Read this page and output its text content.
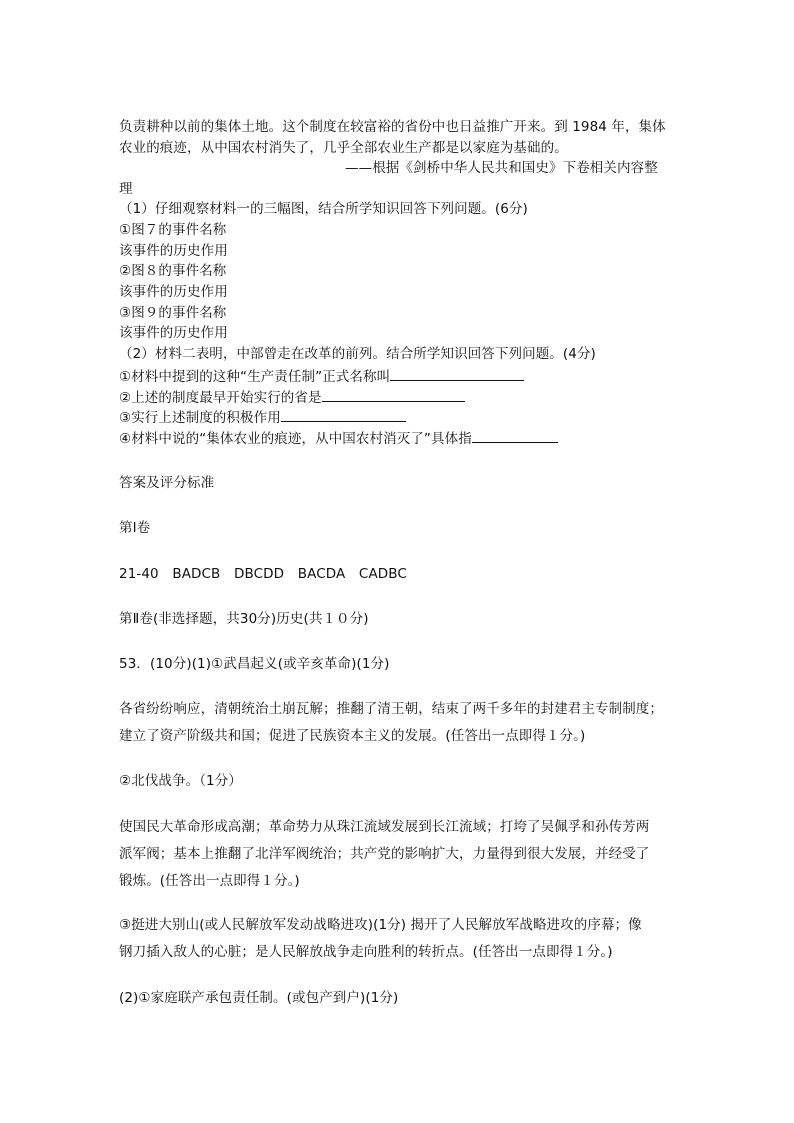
负责耕种以前的集体土地。这个制度在较富裕的省份中也日益推广开来。到 1984 年，集体
农业的痕迹，从中国农村消失了，几乎全部农业生产都是以家庭为基础的。
——根据《剑桥中华人民共和国史》下卷相关内容整
理
（1）仔细观察材料一的三幅图，结合所学知识回答下列问题。(6分)
①图７的事件名称
该事件的历史作用
②图８的事件名称
该事件的历史作用
③图９的事件名称
该事件的历史作用
（2）材料二表明，中部曾走在改革的前列。结合所学知识回答下列问题。(4分)
①材料中提到的这种“生产责任制”正式名称叫
②上述的制度最早开始实行的省是
③实行上述制度的积极作用
④材料中说的“集体农业的痕迹，从中国农村消灭了”具体指
答案及评分标准
第Ⅰ卷
21-40　BADCB　DBCDD　BACDA　CADBC
第Ⅱ卷(非选择题，共30分)历史(共１０分)
53．(10分)(1)①武昌起义(或辛亥革命)(1分)
各省纷纷响应，清朝统治土崩瓦解；推翻了清王朝，结束了两千多年的封建君主专制制度；
建立了资产阶级共和国；促进了民族资本主义的发展。(任答出一点即得１分。)
②北伐战争。（1分）
使国民大革命形成高潮；革命势力从珠江流域发展到长江流域；打垮了吴佩孚和孙传芳两
派军阀；基本上推翻了北洋军阀统治；共产党的影响扩大，力量得到很大发展，并经受了
锻炼。(任答出一点即得１分。)
③挺进大别山(或人民解放军发动战略进攻)(1分) 揭开了人民解放军战略进攻的序幕；像
钢刀插入敌人的心脏；是人民解放战争走向胜利的转折点。(任答出一点即得１分。)
(2)①家庭联产承包责任制。(或包产到户)(1分)
